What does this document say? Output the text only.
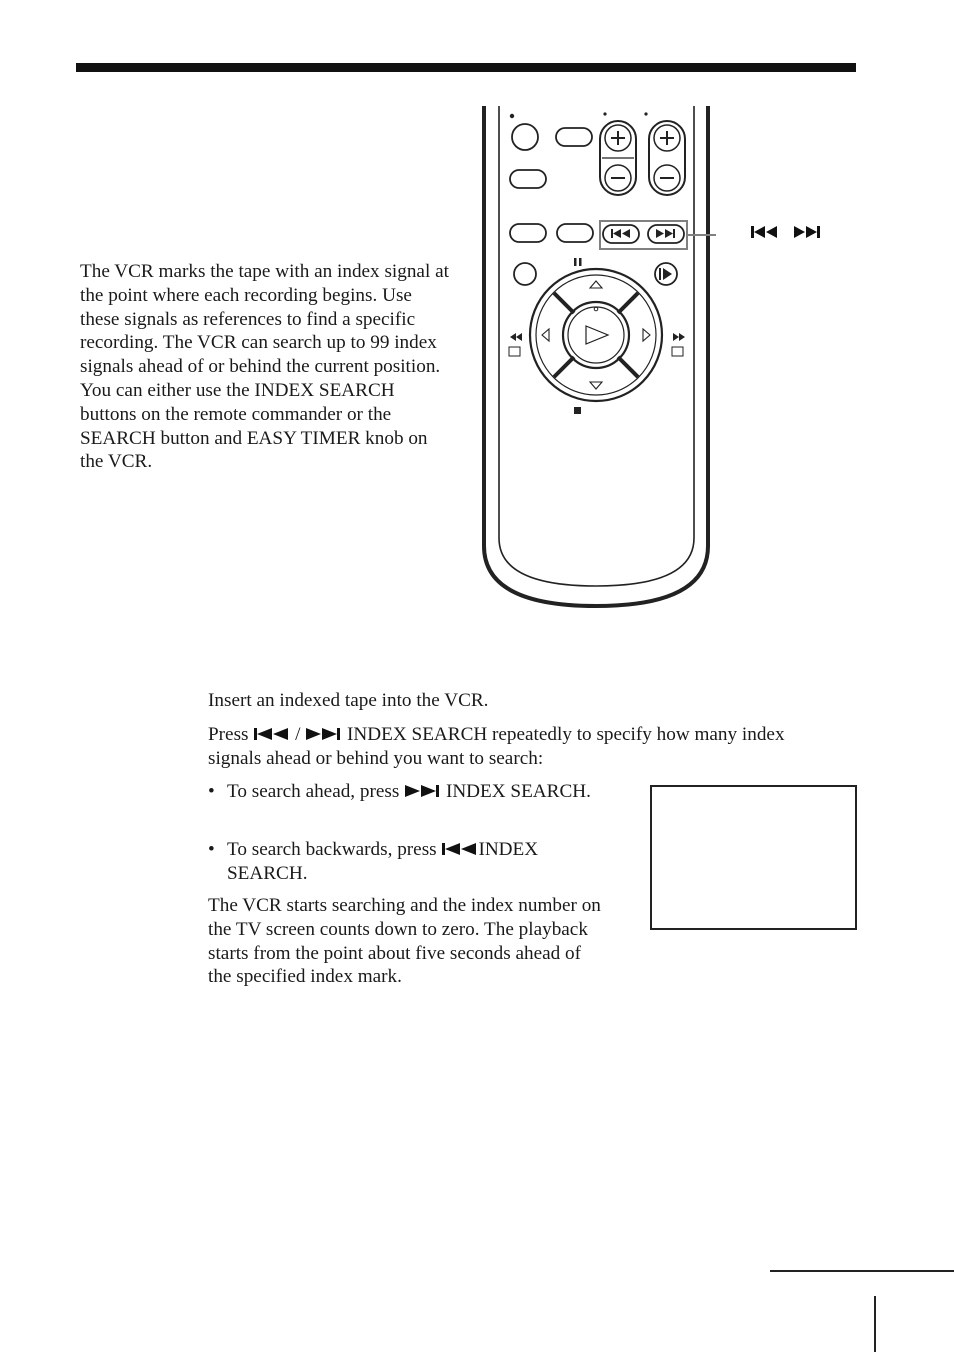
The VCR marks the tape with an index signal at the point where each recording begins. Use these signals as references to find a specific recording. The VCR can search up to 99 index signals ahead of or behind the current position. You can either use the INDEX SEARCH buttons on the remote commander or the SEARCH button and EASY TIMER knob on the VCR.
Insert an indexed tape into the VCR.
Press / INDEX SEARCH repeatedly to specify how many index signals ahead or behind you want to search:
• To search ahead, press INDEX SEARCH.
• To search backwards, press INDEX SEARCH.
The VCR starts searching and the index number on the TV screen counts down to zero. The playback starts from the point about five seconds ahead of the specified index mark.
